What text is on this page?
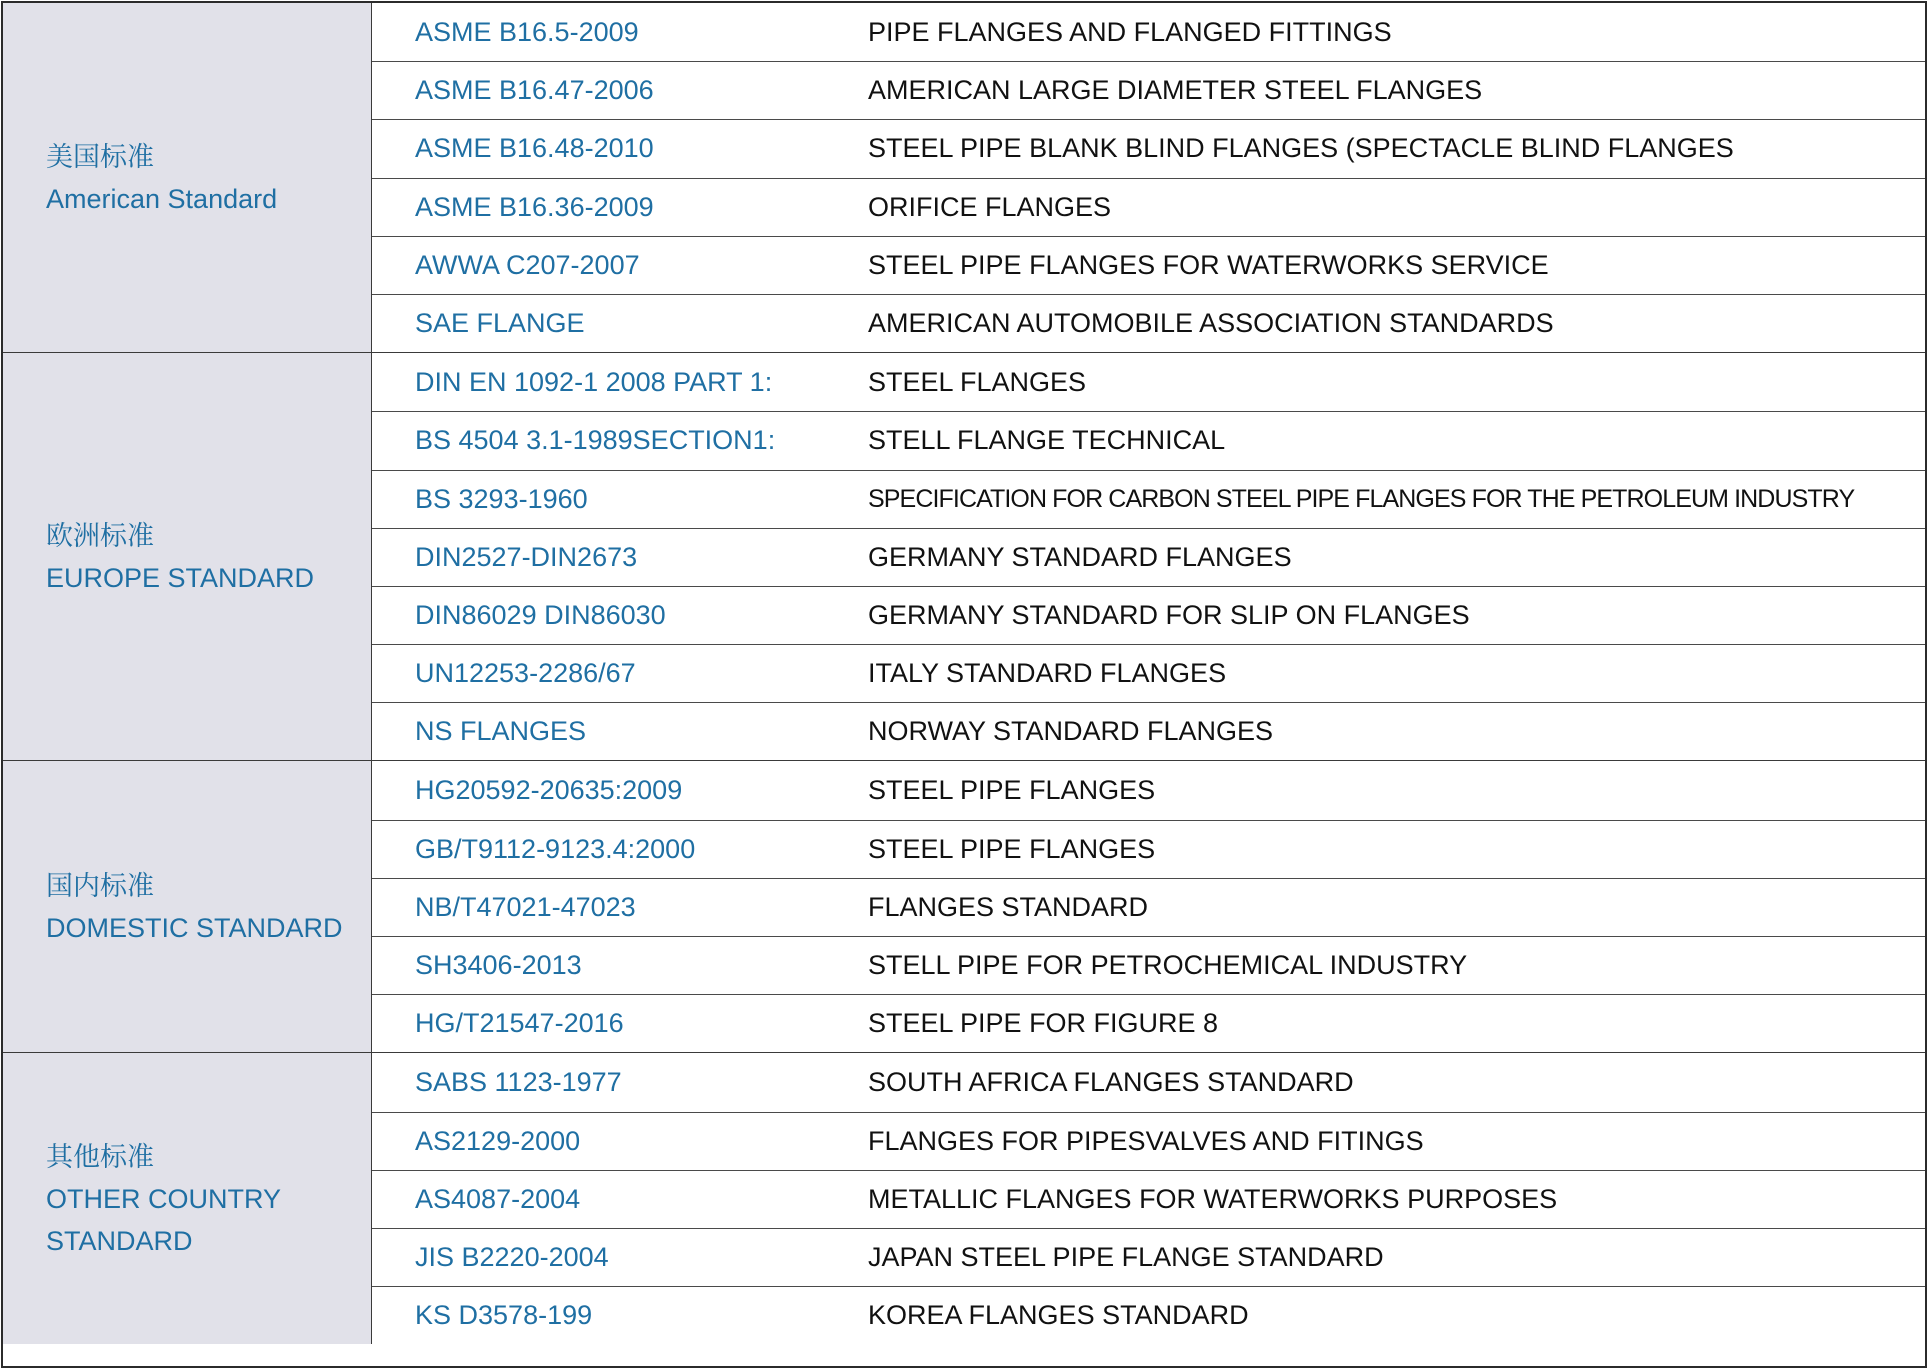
美国标准
American Standard
ASME B16.5-2009	PIPE FLANGES AND FLANGED FITTINGS
ASME B16.47-2006	AMERICAN LARGE DIAMETER STEEL FLANGES
ASME B16.48-2010	STEEL PIPE BLANK BLIND FLANGES (SPECTACLE BLIND FLANGES
ASME B16.36-2009	ORIFICE FLANGES
AWWA C207-2007	STEEL PIPE FLANGES FOR WATERWORKS SERVICE
SAE FLANGE	AMERICAN AUTOMOBILE ASSOCIATION STANDARDS
欧洲标准
EUROPE STANDARD
DIN EN 1092-1 2008 PART 1:	STEEL FLANGES
BS 4504 3.1-1989SECTION1:	STELL FLANGE TECHNICAL
BS 3293-1960	SPECIFICATION FOR CARBON STEEL PIPE FLANGES FOR THE PETROLEUM INDUSTRY
DIN2527-DIN2673	GERMANY STANDARD FLANGES
DIN86029 DIN86030	GERMANY STANDARD FOR SLIP ON FLANGES
UN12253-2286/67	ITALY STANDARD FLANGES
NS FLANGES	NORWAY STANDARD FLANGES
国内标准
DOMESTIC STANDARD
HG20592-20635:2009	STEEL PIPE FLANGES
GB/T9112-9123.4:2000	STEEL PIPE FLANGES
NB/T47021-47023	FLANGES STANDARD
SH3406-2013	STELL PIPE FOR PETROCHEMICAL INDUSTRY
HG/T21547-2016	STEEL PIPE FOR FIGURE 8
其他标准
OTHER COUNTRY
STANDARD
SABS 1123-1977	SOUTH AFRICA FLANGES STANDARD
AS2129-2000	FLANGES FOR PIPESVALVES AND FITINGS
AS4087-2004	METALLIC FLANGES FOR WATERWORKS PURPOSES
JIS B2220-2004	JAPAN STEEL PIPE FLANGE STANDARD
KS D3578-199	KOREA FLANGES STANDARD
